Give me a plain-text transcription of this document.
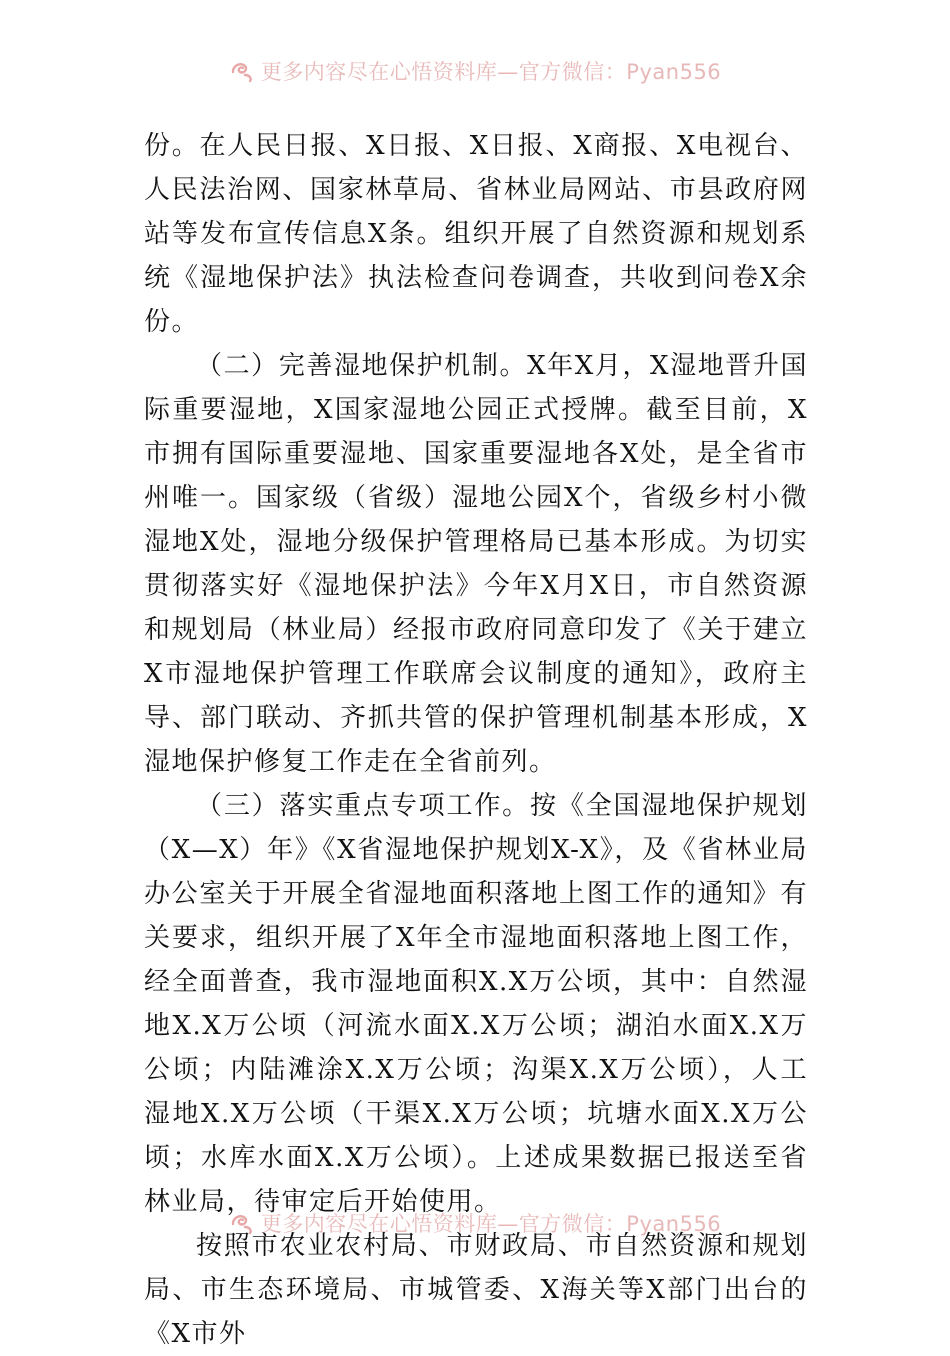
更多内容尽在心悟资料库—官方微信：Pyan556

份。在人民日报、X日报、X日报、X商报、X电视台、人民法治网、国家林草局、省林业局网站、市县政府网站等发布宣传信息X条。组织开展了自然资源和规划系统《湿地保护法》执法检查问卷调查，共收到问卷X余份。

（二）完善湿地保护机制。X年X月，X湿地晋升国际重要湿地，X国家湿地公园正式授牌。截至目前，X市拥有国际重要湿地、国家重要湿地各X处，是全省市州唯一。国家级（省级）湿地公园X个，省级乡村小微湿地X处，湿地分级保护管理格局已基本形成。为切实贯彻落实好《湿地保护法》今年X月X日，市自然资源和规划局（林业局）经报市政府同意印发了《关于建立X市湿地保护管理工作联席会议制度的通知》，政府主导、部门联动、齐抓共管的保护管理机制基本形成，X湿地保护修复工作走在全省前列。

（三）落实重点专项工作。按《全国湿地保护规划（X—X）年》《X省湿地保护规划X-X》，及《省林业局办公室关于开展全省湿地面积落地上图工作的通知》有关要求，组织开展了X年全市湿地面积落地上图工作，经全面普查，我市湿地面积X.X万公顷，其中：自然湿地X.X万公顷（河流水面X.X万公顷；湖泊水面X.X万公顷；内陆滩涂X.X万公顷；沟渠X.X万公顷），人工湿地X.X万公顷（干渠X.X万公顷；坑塘水面X.X万公顷；水库水面X.X万公顷）。上述成果数据已报送至省林业局，待审定后开始使用。

按照市农业农村局、市财政局、市自然资源和规划局、市生态环境局、市城管委、X海关等X部门出台的《X市外

更多内容尽在心悟资料库—官方微信：Pyan556
